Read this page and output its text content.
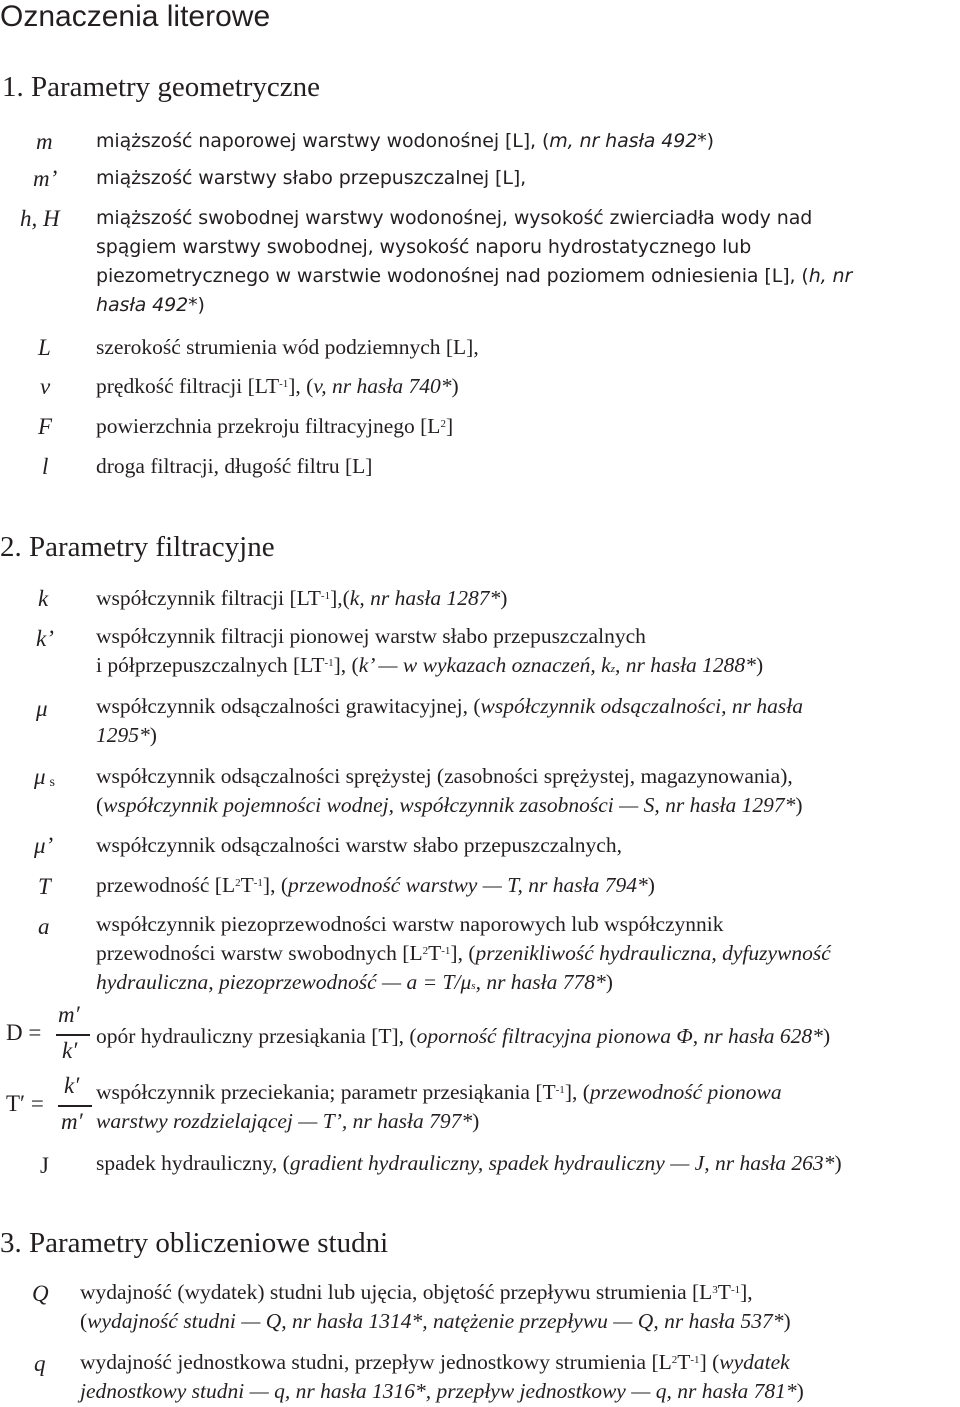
Oznaczenia literowe
1. Parametry geometryczne
m miąższość naporowej warstwy wodonośnej [L], (m, nr hasła 492*)
m’ miąższość warstwy słabo przepuszczalnej [L],
h, H miąższość swobodnej warstwy wodonośnej, wysokość zwierciadła wody nad
spągiem warstwy swobodnej, wysokość naporu hydrostatycznego lub
piezometrycznego w warstwie wodonośnej nad poziomem odniesienia [L], (h, nr
hasła 492*)
L szerokość strumienia wód podziemnych [L],
v prędkość filtracji $[LT^{-1}]$, (v, nr hasła 740*)
F powierzchnia przekroju filtracyjnego $[L^2]$
l droga filtracji, długość filtru [L]
2. Parametry filtracyjne
k współczynnik filtracji $[LT^{-1}],(k$, nr hasła 1287*)
k’ współczynnik filtracji pionowej warstw słabo przepuszczalnych
i półprzepuszczalnych $[LT^{-1}]$, (k’ — w wykazach oznaczeń, $k_z$, nr hasła 1288*)
μ współczynnik odsączalności grawitacyjnej, (współczynnik odsączalności, nr hasła
1295*)
μ $_s$ współczynnik odsączalności sprężystej (zasobności sprężystej, magazynowania),
(współczynnik pojemności wodnej, współczynnik zasobności — S, nr hasła 1297*)
μ’ współczynnik odsączalności warstw słabo przepuszczalnych,
T przewodność $[L^2T^{-1}]$, (przewodność warstwy — T, nr hasła 794*)
a współczynnik piezoprzewodności warstw naporowych lub współczynnik
przewodności warstw swobodnych $[L^2T^{-1}]$, (przenikliwość hydrauliczna, dyfuzywność
hydrauliczna, piezoprzewodność — $a = T/\mu_s$, nr hasła 778*)
D =
m′
k′
opór hydrauliczny przesiąkania [T], (oporność filtracyjna pionowa Φ, nr hasła 628*)
T′ =
k′
m′
współczynnik przeciekania; parametr przesiąkania $[T^{-1}]$, (przewodność pionowa
warstwy rozdzielającej — T’, nr hasła 797*)
J spadek hydrauliczny, (gradient hydrauliczny, spadek hydrauliczny — J, nr hasła 263*)
3. Parametry obliczeniowe studni
Q wydajność (wydatek) studni lub ujęcia, objętość przepływu strumienia $[L^3T^{-1}]$,
(wydajność studni — Q, nr hasła 1314*, natężenie przepływu — Q, nr hasła 537*)
q wydajność jednostkowa studni, przepływ jednostkowy strumienia $[L^2T^{-1}]$ (wydatek
jednostkowy studni — q, nr hasła 1316*, przepływ jednostkowy — q, nr hasła 781*)
